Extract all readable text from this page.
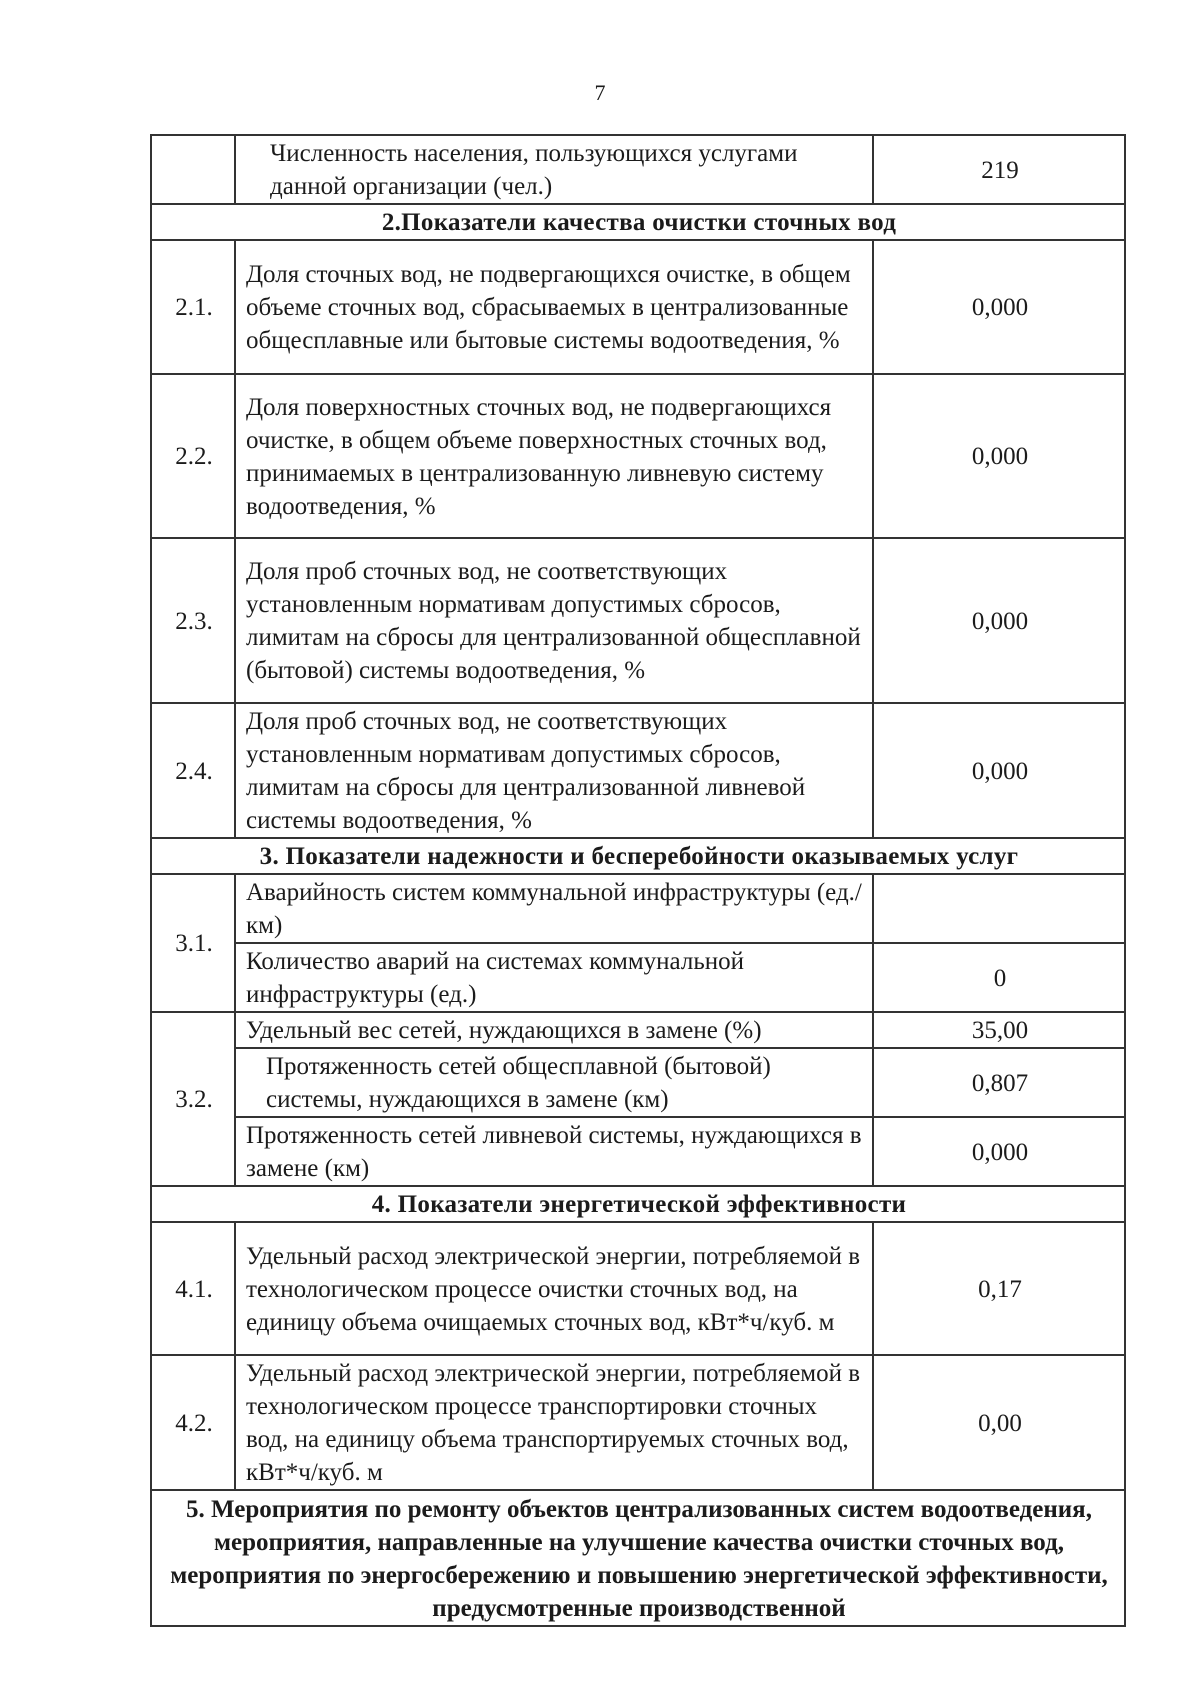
7
	Численность населения, пользующихся услугами данной организации (чел.)	219
2.Показатели качества очистки сточных вод		
2.1.	Доля сточных вод, не подвергающихся очистке, в общем объеме сточных вод, сбрасываемых в централизованные общесплавные или бытовые системы водоотведения, %	0,000
2.2.	Доля поверхностных сточных вод, не подвергающихся очистке, в общем объеме поверхностных сточных вод, принимаемых в централизованную ливневую систему водоотведения, %	0,000
2.3.	Доля проб сточных вод, не соответствующих установленным нормативам допустимых сбросов, лимитам на сбросы для централизованной общесплавной (бытовой) системы водоотведения, %	0,000
2.4.	Доля проб сточных вод, не соответствующих установленным нормативам допустимых сбросов, лимитам на сбросы для централизованной ливневой системы водоотведения, %	0,000
3. Показатели надежности и бесперебойности оказываемых услуг		
3.1.	Аварийность систем коммунальной инфраструктуры (ед./км)	
	Количество аварий на системах коммунальной инфраструктуры (ед.)	0
3.2.	Удельный вес сетей, нуждающихся в замене (%)	35,00
	Протяженность сетей общесплавной (бытовой) системы, нуждающихся в замене (км)	0,807
	Протяженность сетей ливневой системы, нуждающихся в замене (км)	0,000
4. Показатели энергетической эффективности		
4.1.	Удельный расход электрической энергии, потребляемой в технологическом процессе очистки сточных вод, на единицу объема очищаемых сточных вод, кВт*ч/куб. м	0,17
4.2.	Удельный расход электрической энергии, потребляемой в технологическом процессе транспортировки сточных вод, на единицу объема транспортируемых сточных вод, кВт*ч/куб. м	0,00
5. Мероприятия по ремонту объектов централизованных систем водоотведения, мероприятия, направленные на улучшение качества очистки сточных вод, мероприятия по энергосбережению и повышению энергетической эффективности, предусмотренные производственной		
